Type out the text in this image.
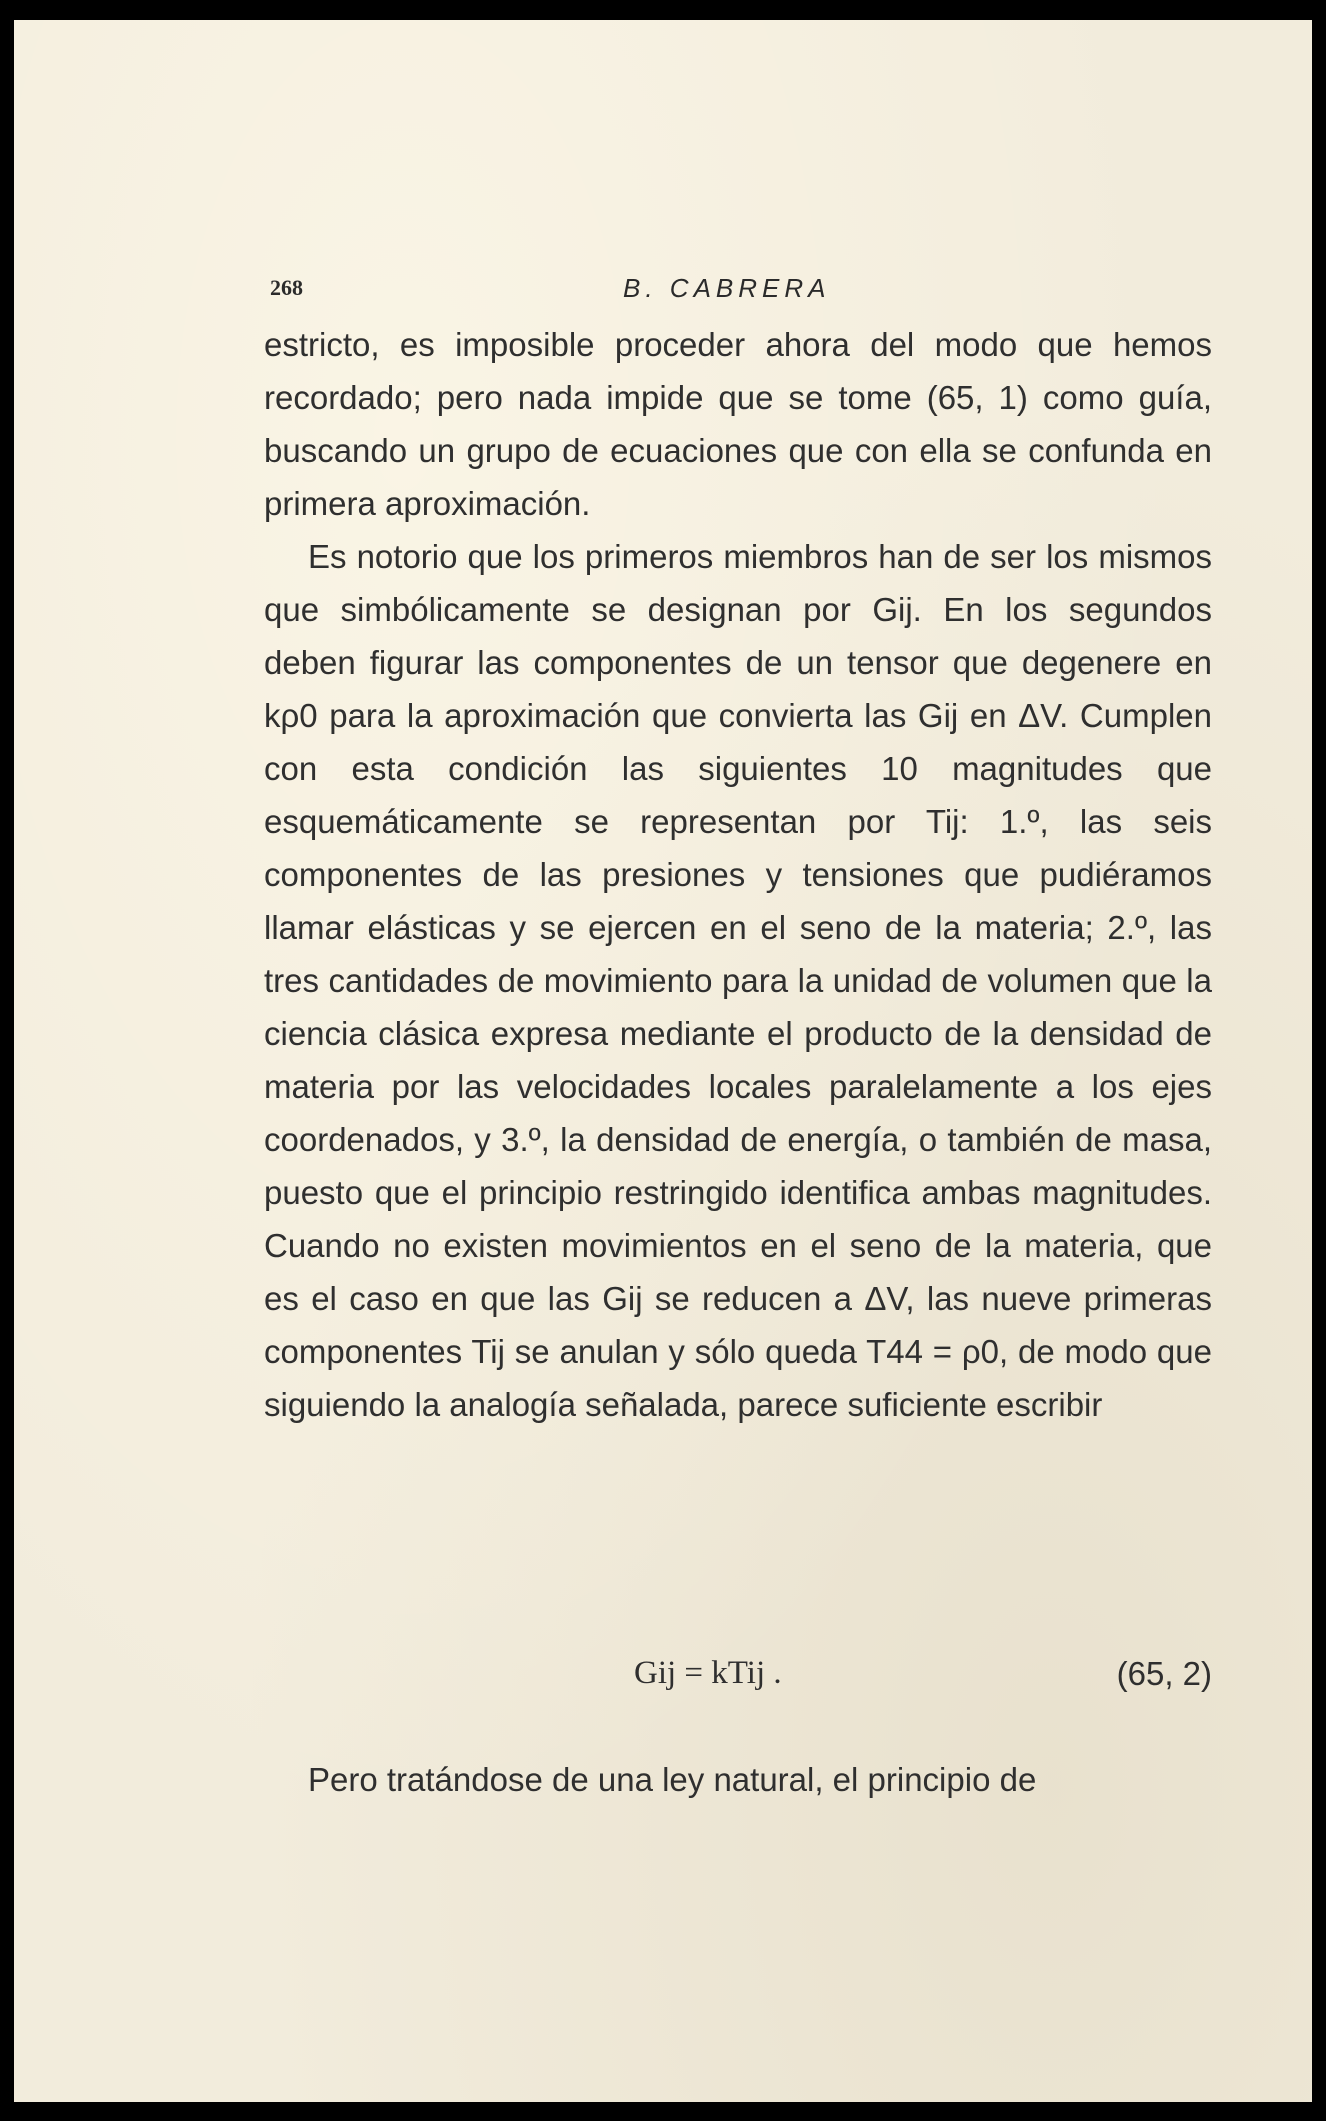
268	B. CABRERA

estricto, es imposible proceder ahora del modo que hemos recordado; pero nada impide que se tome (65, 1) como guía, buscando un grupo de ecuaciones que con ella se confunda en primera aproximación.

Es notorio que los primeros miembros han de ser los mismos que simbólicamente se designan por Gij. En los segundos deben figurar las componentes de un tensor que degenere en kρ0 para la aproximación que convierta las Gij en ΔV. Cumplen con esta condición las siguientes 10 magnitudes que esquemáticamente se representan por Tij: 1.º, las seis componentes de las presiones y tensiones que pudiéramos llamar elásticas y se ejercen en el seno de la materia; 2.º, las tres cantidades de movimiento para la unidad de volumen que la ciencia clásica expresa mediante el producto de la densidad de materia por las velocidades locales paralelamente a los ejes coordenados, y 3.º, la densidad de energía, o también de masa, puesto que el principio restringido identifica ambas magnitudes. Cuando no existen movimientos en el seno de la materia, que es el caso en que las Gij se reducen a ΔV, las nueve primeras componentes Tij se anulan y sólo queda T44 = ρ0, de modo que siguiendo la analogía señalada, parece suficiente escribir

Gij = kTij .	(65, 2)
Pero tratándose de una ley natural, el principio de
